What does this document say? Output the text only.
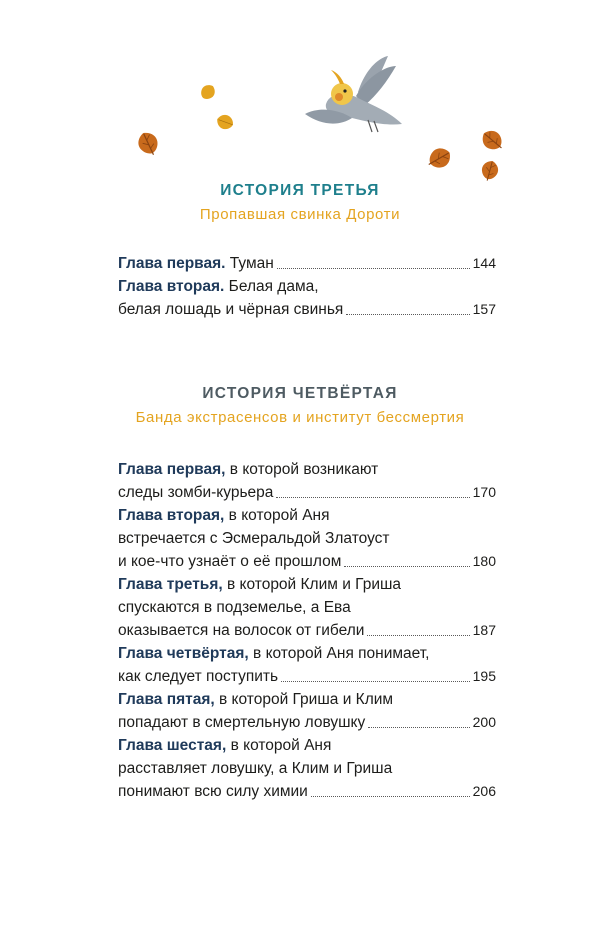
ИСТОРИЯ ТРЕТЬЯ
Пропавшая свинка Дороти
Глава первая. Туман	144
Глава вторая. Белая дама,
белая лошадь и чёрная свинья	157
ИСТОРИЯ ЧЕТВЁРТАЯ
Банда экстрасенсов и институт бессмертия
Глава первая, в которой возникают
следы зомби-курьера	170
Глава вторая, в которой Аня
встречается с Эсмеральдой Златоуст
и кое-что узнаёт о её прошлом	180
Глава третья, в которой Клим и Гриша
спускаются в подземелье, а Ева
оказывается на волосок от гибели	187
Глава четвёртая, в которой Аня понимает,
как следует поступить	195
Глава пятая, в которой Гриша и Клим
попадают в смертельную ловушку	200
Глава шестая, в которой Аня
расставляет ловушку, а Клим и Гриша
понимают всю силу химии	206
